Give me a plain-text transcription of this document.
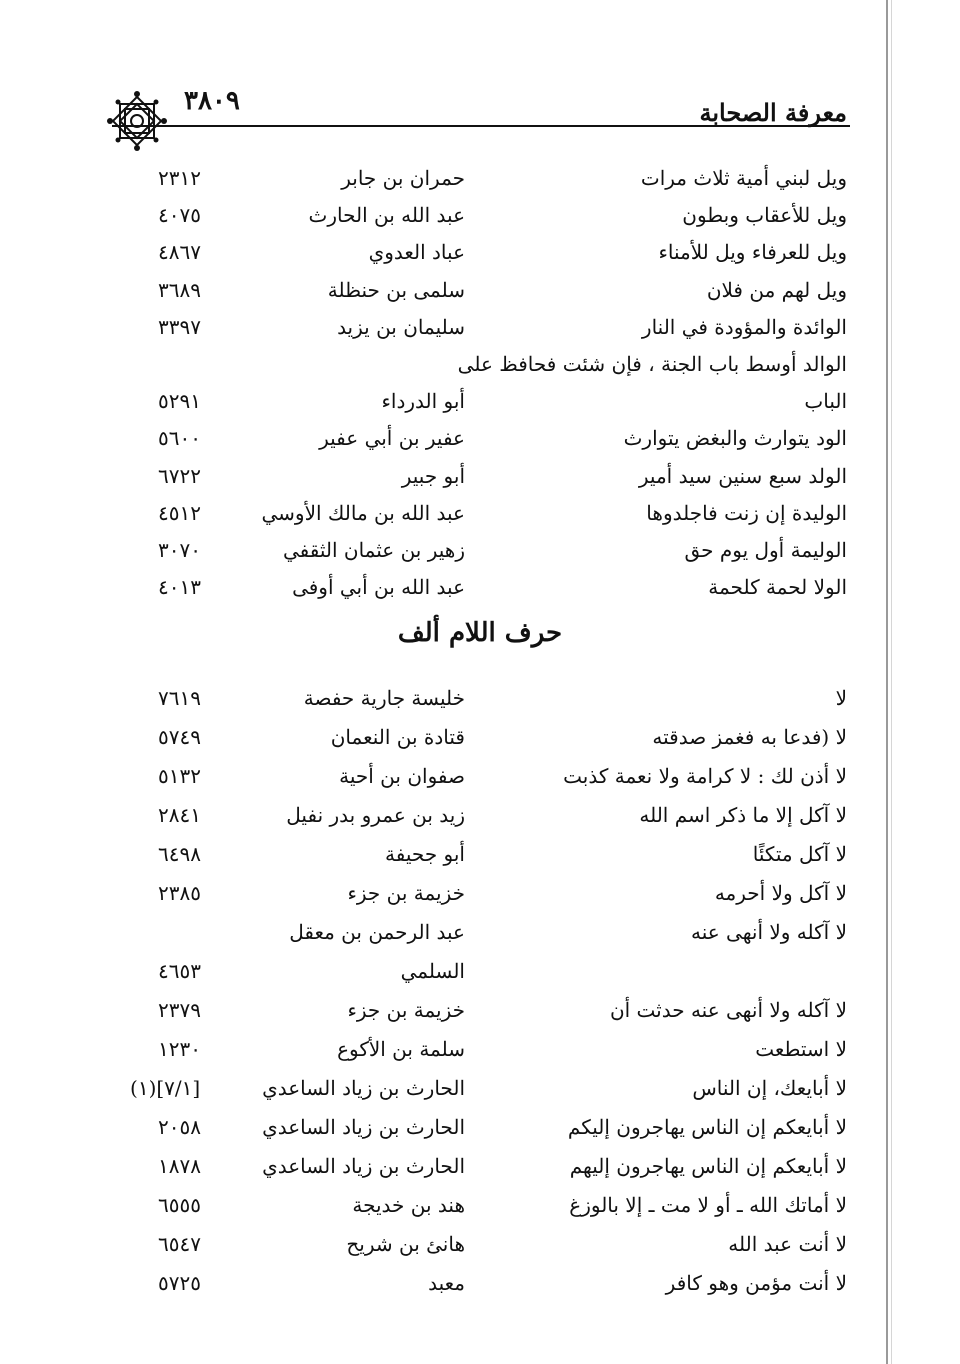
معرفة الصحابة
٣٨٠٩
ويل لبني أمية ثلاث مرات
حمران بن جابر
٢٣١٢
ويل للأعقاب وبطون
عبد الله بن الحارث
٤٠٧٥
ويل للعرفاء ويل للأمناء
عباد العدوي
٤٨٦٧
ويل لهم من فلان
سلمى بن حنظلة
٣٦٨٩
الوائدة والمؤودة في النار
سليمان بن يزيد
٣٣٩٧
الوالد أوسط باب الجنة ، فإن شئت فحافظ على
الباب
أبو الدرداء
٥٢٩١
الود يتوارث والبغض يتوارث
عفير بن أبي عفير
٥٦٠٠
الولد سبع سنين سيد أمير
أبو جبير
٦٧٢٢
الوليدة إن زنت فاجلدوها
عبد الله بن مالك الأوسي
٤٥١٢
الوليمة أول يوم حق
زهير بن عثمان الثقفي
٣٠٧٠
الولا لحمة كلحمة
عبد الله بن أبي أوفى
٤٠١٣
حرف اللام ألف
لا
خليسة جارية حفصة
٧٦١٩
لا (فدعا به فغمز صدقته
قتادة بن النعمان
٥٧٤٩
لا أذن لك : لا كرامة ولا نعمة كذبت
صفوان بن أحية
٥١٣٢
لا آكل إلا ما ذكر اسم الله
زيد بن عمرو بدر نفيل
٢٨٤١
لا آكل متكئًا
أبو جحيفة
٦٤٩٨
لا آكل ولا أحرمه
خزيمة بن جزء
٢٣٨٥
لا آكله ولا أنهى عنه
عبد الرحمن بن معقل
السلمي
٤٦٥٣
لا آكله ولا أنهى عنه حدثت أن
خزيمة بن جزء
٢٣٧٩
لا استطعت
سلمة بن الأكوع
١٢٣٠
لا أبايعك، إن الناس
الحارث بن زياد الساعدي
(١)[٧/١]
لا أبايعكم إن الناس يهاجرون إليكم
الحارث بن زياد الساعدي
٢٠٥٨
لا أبايعكم إن الناس يهاجرون إليهم
الحارث بن زياد الساعدي
١٨٧٨
لا أماتك الله ـ أو لا مت ـ إلا بالوزغ
هند بن خديجة
٦٥٥٥
لا أنت عبد الله
هانئ بن شريح
٦٥٤٧
لا أنت مؤمن وهو كافر
معبد
٥٧٢٥
